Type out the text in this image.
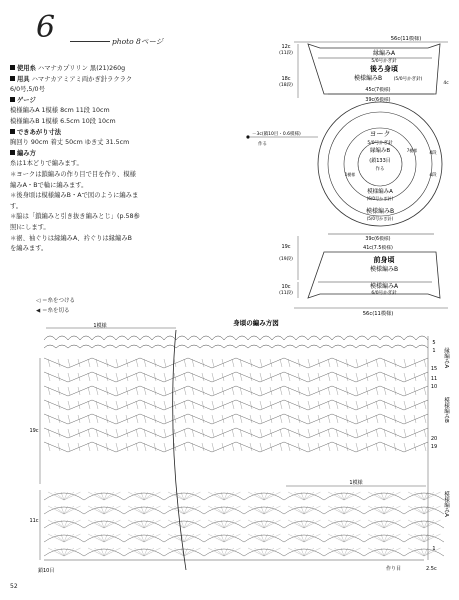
6	photo 8ページ
使用糸 ハマナカプリリン 黒(21)260g
用具 ハマナカアミアミ両かぎ針ラクラク
6/0号,5/0号
ゲージ
模様編みA 1模様 8cm 11段 10cm
模様編みB 1模様 6.5cm 10段 10cm
できあがり寸法
胸回り 90cm 着丈 50cm ゆき丈 31.5cm
編み方
糸は1本どりで編みます。
＊ヨークは鎖編みの作り目で目を作り、模様
編みA・Bで輪に編みます。
＊後身頃は模様編みB・Aで図のように編みま
す。
＊脇は「鎖編みと引き抜き編みとじ」(p.58参
照)にします。
＊裾、袖ぐりは縁編みA、衿ぐりは縁編みB
を編みます。
56c(11模様)
縁編みA
5/0号かぎ針
後ろ身頃
模様編みB	(5/0号かぎ針)
12c
(11段)
18c
(18段)	4c
45c(7模様)
39c(6模様)
ヨーク
5/0号かぎ針
縁編みB
(鎖133目
作る
模様編みA
(6/0号かぎ針)
模様編みB
(5/0号かぎ針)
4段
4段
7模様
1模様
－3c(鎖10目・0.6模様)
作る
39c(6模様)
41c(7.5模様)
前身頃
模様編みB
模様編みA
6/0号かぎ針
19c
(19段)
10c
(11段)
56c(11模様)
◁ ＝糸をつける
◀ ＝糸を切る
身頃の編み方図
1模様
1模様
縁編みA
模様編みB
模様編みA
5
1
15
11
10
20
19
1
19c
11c
鎖10目	作り目	2.5c
52
